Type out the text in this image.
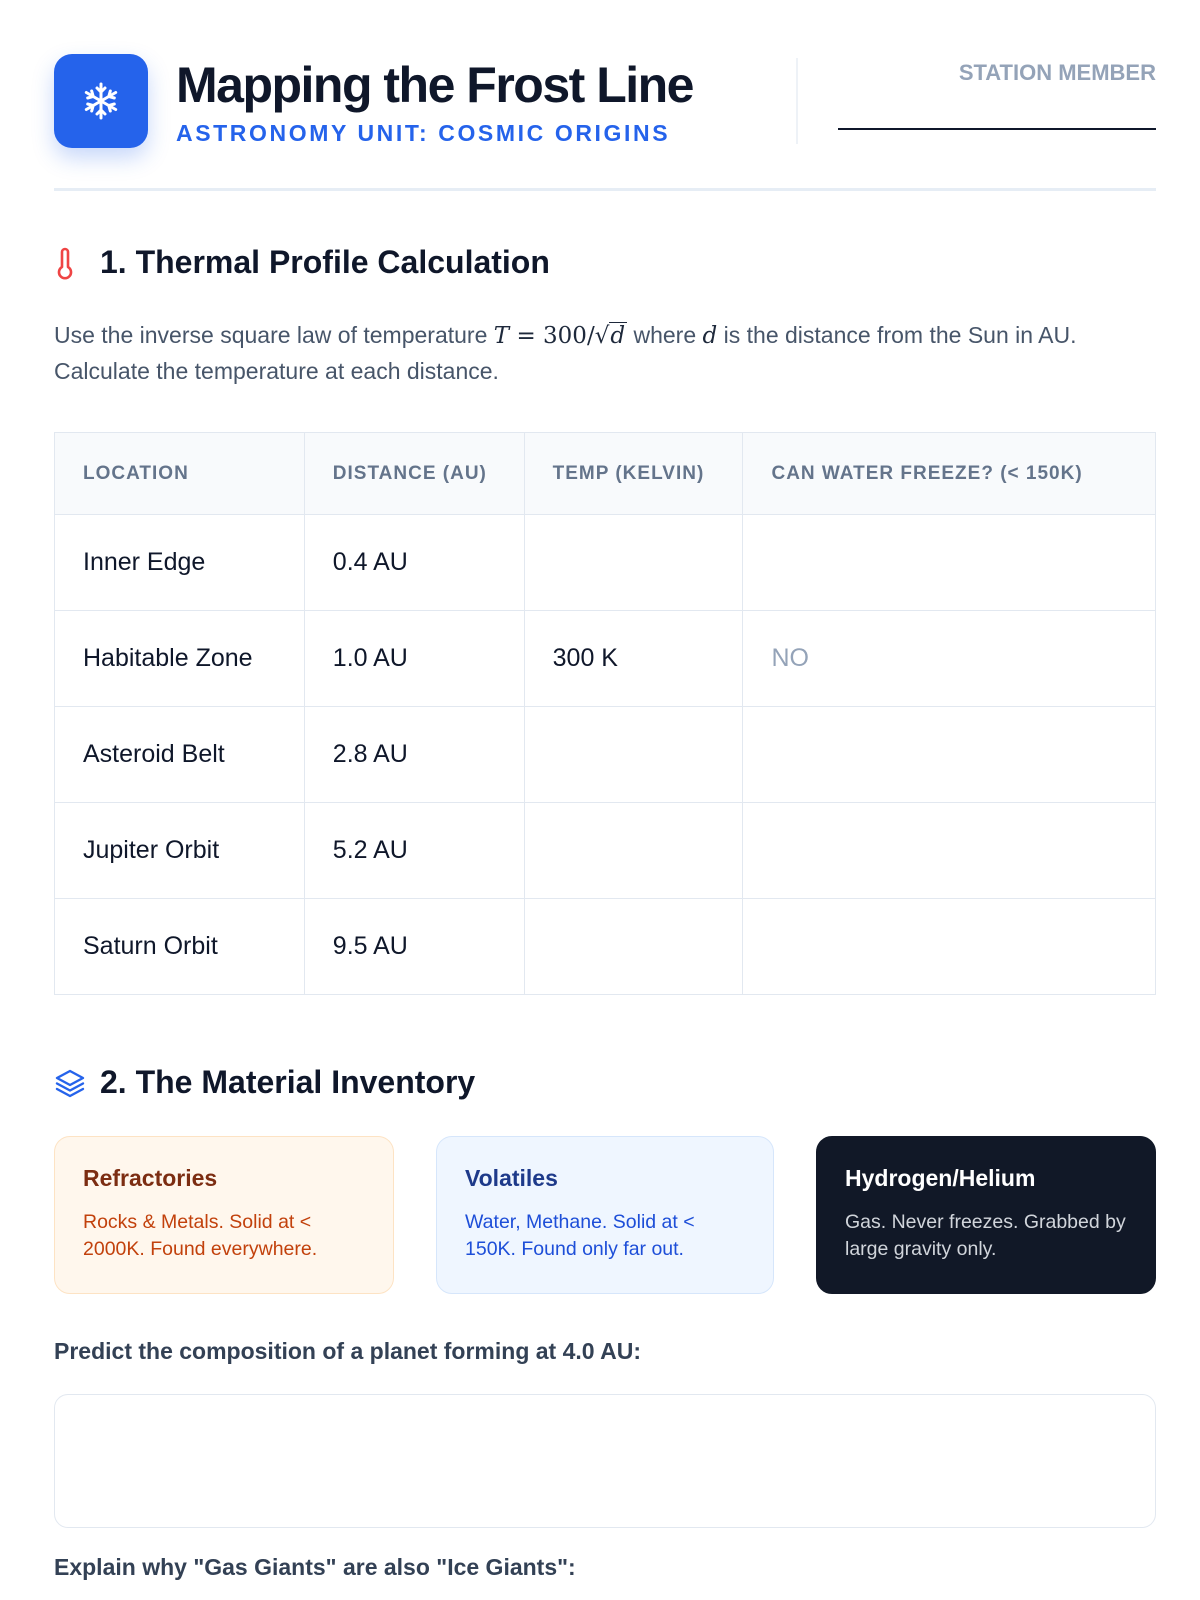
Mapping the Frost Line
ASTRONOMY UNIT: COSMIC ORIGINS
STATION MEMBER
1. Thermal Profile Calculation
Use the inverse square law of temperature T = 300/√d where d is the distance from the Sun in AU. Calculate the temperature at each distance.
LOCATION	DISTANCE (AU)	TEMP (KELVIN)	CAN WATER FREEZE? (< 150K)
Inner Edge	0.4 AU		
Habitable Zone	1.0 AU	300 K	NO
Asteroid Belt	2.8 AU		
Jupiter Orbit	5.2 AU		
Saturn Orbit	9.5 AU		
2. The Material Inventory
Refractories

Rocks & Metals. Solid at < 2000K. Found everywhere.

Volatiles

Water, Methane. Solid at < 150K. Found only far out.

Hydrogen/Helium

Gas. Never freezes. Grabbed by large gravity only.

Predict the composition of a planet forming at 4.0 AU:
Explain why "Gas Giants" are also "Ice Giants":
